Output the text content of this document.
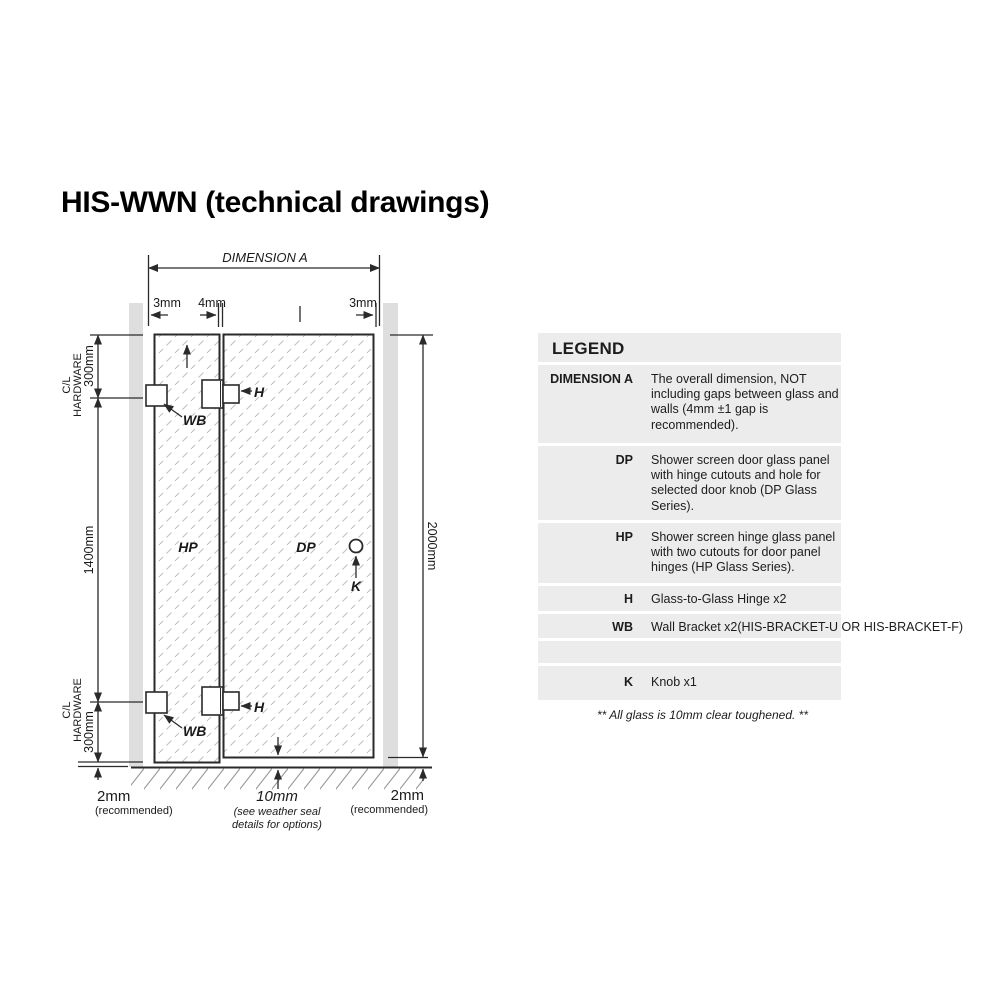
DIMENSION A
3mm 4mm	3mm
300mm
C/L HARDWARE
1400mm
C/L HARDWARE
300mm
2000mm
H
WB
H
WB
HP	DP
K
2mm
(recommended)
10mm
(see weather seal
details for options)
2mm
(recommended)
HIS-WWN (technical drawings)
LEGEND
DIMENSION A The overall dimension, NOT including gaps between glass and walls (4mm ±1 gap is recommended).
DP Shower screen door glass panel with hinge cutouts and hole for selected door knob (DP Glass Series).
HP Shower screen hinge glass panel with two cutouts for door panel hinges (HP Glass Series).
H Glass-to-Glass Hinge x2
WB Wall Bracket x2(HIS-BRACKET-U OR HIS-BRACKET-F)
K Knob x1
** All glass is 10mm clear toughened. **
